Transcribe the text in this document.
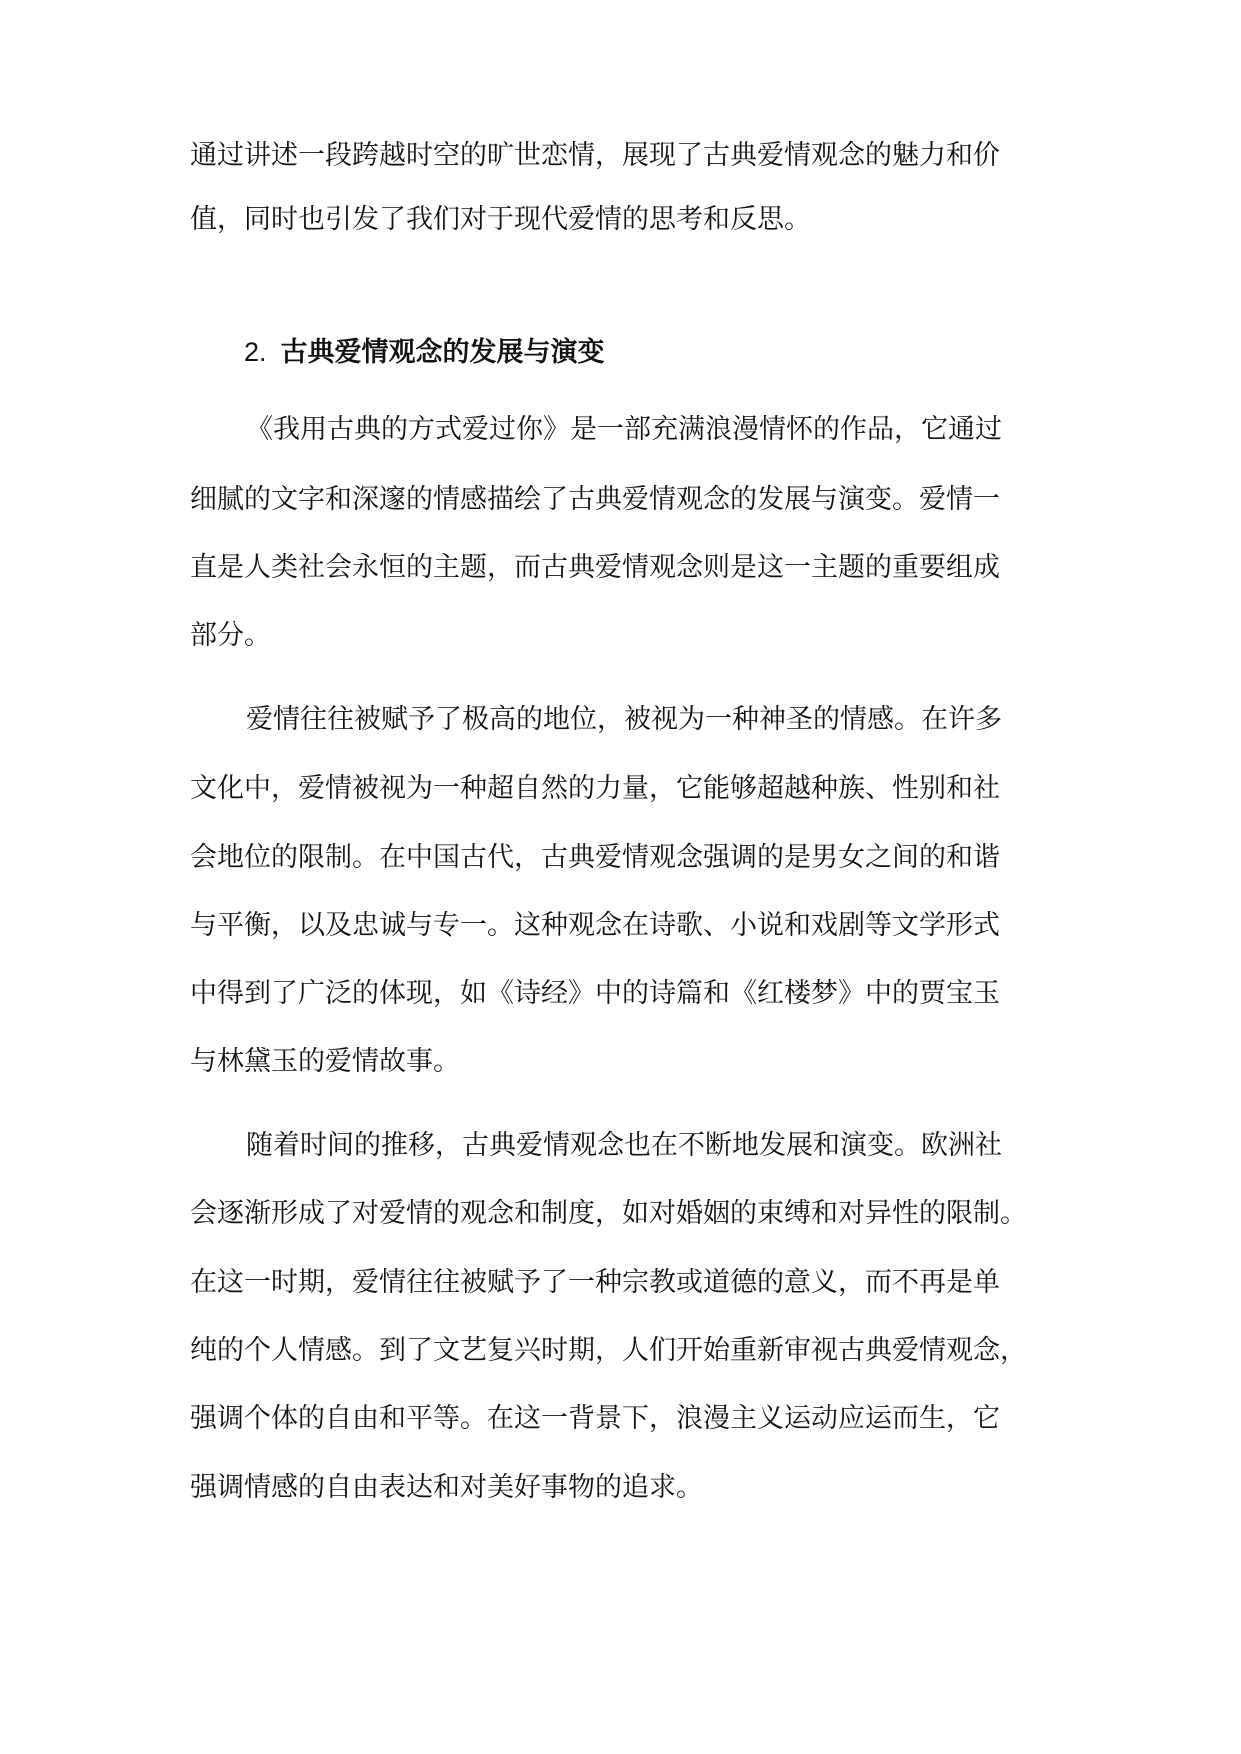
通过讲述一段跨越时空的旷世恋情，展现了古典爱情观念的魅力和价
值，同时也引发了我们对于现代爱情的思考和反思。
2. 古典爱情观念的发展与演变
《我用古典的方式爱过你》是一部充满浪漫情怀的作品，它通过
细腻的文字和深邃的情感描绘了古典爱情观念的发展与演变。爱情一
直是人类社会永恒的主题，而古典爱情观念则是这一主题的重要组成
部分。
爱情往往被赋予了极高的地位，被视为一种神圣的情感。在许多
文化中，爱情被视为一种超自然的力量，它能够超越种族、性别和社
会地位的限制。在中国古代，古典爱情观念强调的是男女之间的和谐
与平衡，以及忠诚与专一。这种观念在诗歌、小说和戏剧等文学形式
中得到了广泛的体现，如《诗经》中的诗篇和《红楼梦》中的贾宝玉
与林黛玉的爱情故事。
随着时间的推移，古典爱情观念也在不断地发展和演变。欧洲社
会逐渐形成了对爱情的观念和制度，如对婚姻的束缚和对异性的限制。
在这一时期，爱情往往被赋予了一种宗教或道德的意义，而不再是单
纯的个人情感。到了文艺复兴时期，人们开始重新审视古典爱情观念，
强调个体的自由和平等。在这一背景下，浪漫主义运动应运而生，它
强调情感的自由表达和对美好事物的追求。
